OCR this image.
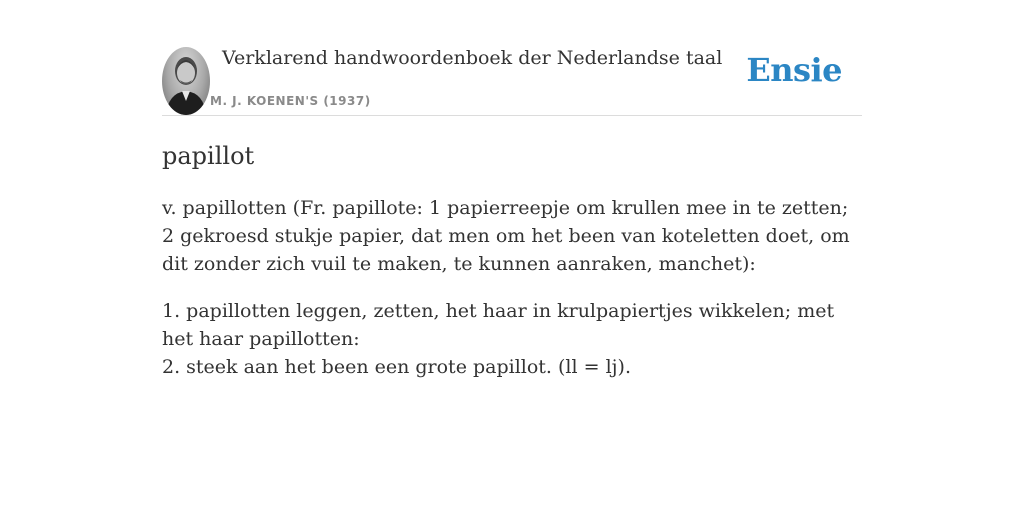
Verklarend handwoordenboek der Nederlandse taal
M. J. KOENEN'S (1937)
Ensie
papillot

v. papillotten (Fr. papillote: 1 papierreepje om krullen mee in te zetten; 2 gekroesd stukje papier, dat men om het been van koteletten doet, om dit zonder zich vuil te maken, te kunnen aanraken, manchet):

1. papillotten leggen, zetten, het haar in krulpapiertjes wikkelen; met het haar papillotten:
2. steek aan het been een grote papillot. (ll = lj).
